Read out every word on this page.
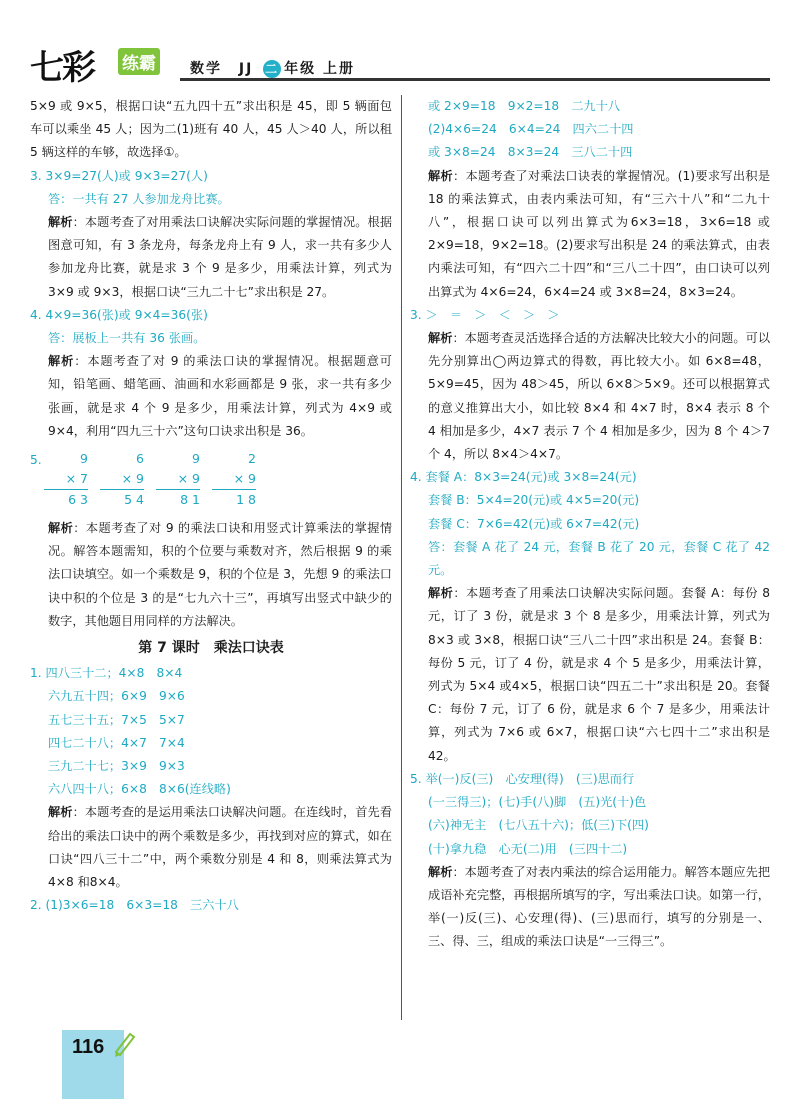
七彩 练霸 数学 JJ 二 年级 上册

5×9 或 9×5，根据口诀“五九四十五”求出积是 45，即 5 辆面包车可以乘坐 45 人；因为二(1)班有 40 人，45 人＞40 人，所以租 5 辆这样的车够，故选择①。

3. 3×9=27(人)或 9×3=27(人)

答：一共有 27 人参加龙舟比赛。

解析：本题考查了对用乘法口诀解决实际问题的掌握情况。根据图意可知，有 3 条龙舟，每条龙舟上有 9 人，求一共有多少人参加龙舟比赛，就是求 3 个 9 是多少，用乘法计算，列式为 3×9 或 9×3，根据口诀“三九二十七”求出积是 27。

4. 4×9=36(张)或 9×4=36(张)

答：展板上一共有 36 张画。

解析：本题考查了对 9 的乘法口诀的掌握情况。根据题意可知，铅笔画、蜡笔画、油画和水彩画都是 9 张，求一共有多少张画，就是求 4 个 9 是多少，用乘法计算，列式为 4×9 或 9×4，利用“四九三十六”这句口诀求出积是 36。

5.	9
× 7
6 3
6
× 9
5 4
9
× 9
8 1
2
× 9
1 8

解析：本题考查了对 9 的乘法口诀和用竖式计算乘法的掌握情况。解答本题需知，积的个位要与乘数对齐，然后根据 9 的乘法口诀填空。如一个乘数是 9，积的个位是 3，先想 9 的乘法口诀中积的个位是 3 的是“七九六十三”，再填写出竖式中缺少的数字，其他题目用同样的方法解决。

第 7 课时　乘法口诀表

1. 四八三十二；4×8　8×4

六九五十四；6×9　9×6

五七三十五；7×5　5×7

四七二十八；4×7　7×4

三九二十七；3×9　9×3

六八四十八；6×8　8×6(连线略)

解析：本题考查的是运用乘法口诀解决问题。在连线时，首先看给出的乘法口诀中的两个乘数是多少，再找到对应的算式，如在口诀“四八三十二”中，两个乘数分别是 4 和 8，则乘法算式为 4×8 和8×4。

2. (1)3×6=18　6×3=18　三六十八

或 2×9=18　9×2=18　二九十八

(2)4×6=24　6×4=24　四六二十四

或 3×8=24　8×3=24　三八二十四

解析：本题考查了对乘法口诀表的掌握情况。(1)要求写出积是 18 的乘法算式，由表内乘法可知，有“三六十八”和“二九十八”，根据口诀可以列出算式为6×3=18，3×6=18 或 2×9=18，9×2=18。(2)要求写出积是 24 的乘法算式，由表内乘法可知，有“四六二十四”和“三八二十四”，由口诀可以列出算式为 4×6=24，6×4=24 或 3×8=24，8×3=24。

3. ＞　＝　＞　＜　＞　＞

解析：本题考查灵活选择合适的方法解决比较大小的问题。可以先分别算出◯两边算式的得数，再比较大小。如 6×8=48，5×9=45，因为 48＞45，所以 6×8＞5×9。还可以根据算式的意义推算出大小，如比较 8×4 和 4×7 时，8×4 表示 8 个 4 相加是多少，4×7 表示 7 个 4 相加是多少，因为 8 个 4＞7 个 4，所以 8×4＞4×7。

4. 套餐 A：8×3=24(元)或 3×8=24(元)

套餐 B：5×4=20(元)或 4×5=20(元)

套餐 C：7×6=42(元)或 6×7=42(元)

答：套餐 A 花了 24 元，套餐 B 花了 20 元，套餐 C 花了 42 元。

解析：本题考查了用乘法口诀解决实际问题。套餐 A：每份 8 元，订了 3 份，就是求 3 个 8 是多少，用乘法计算，列式为 8×3 或 3×8，根据口诀“三八二十四”求出积是 24。套餐 B：每份 5 元，订了 4 份，就是求 4 个 5 是多少，用乘法计算，列式为 5×4 或4×5，根据口诀“四五二十”求出积是 20。套餐 C：每份 7 元，订了 6 份，就是求 6 个 7 是多少，用乘法计算，列式为 7×6 或 6×7，根据口诀“六七四十二”求出积是 42。

5. 举(一)反(三)　心安理(得)　(三)思而行

(一三得三)；(七)手(八)脚　(五)光(十)色

(六)神无主　(七八五十六)；低(三)下(四)

(十)拿九稳　心无(二)用　(三四十二)

解析：本题考查了对表内乘法的综合运用能力。解答本题应先把成语补充完整，再根据所填写的字，写出乘法口诀。如第一行，举(一)反(三)、心安理(得)、(三)思而行，填写的分别是一、三、得、三，组成的乘法口诀是“一三得三”。

116
